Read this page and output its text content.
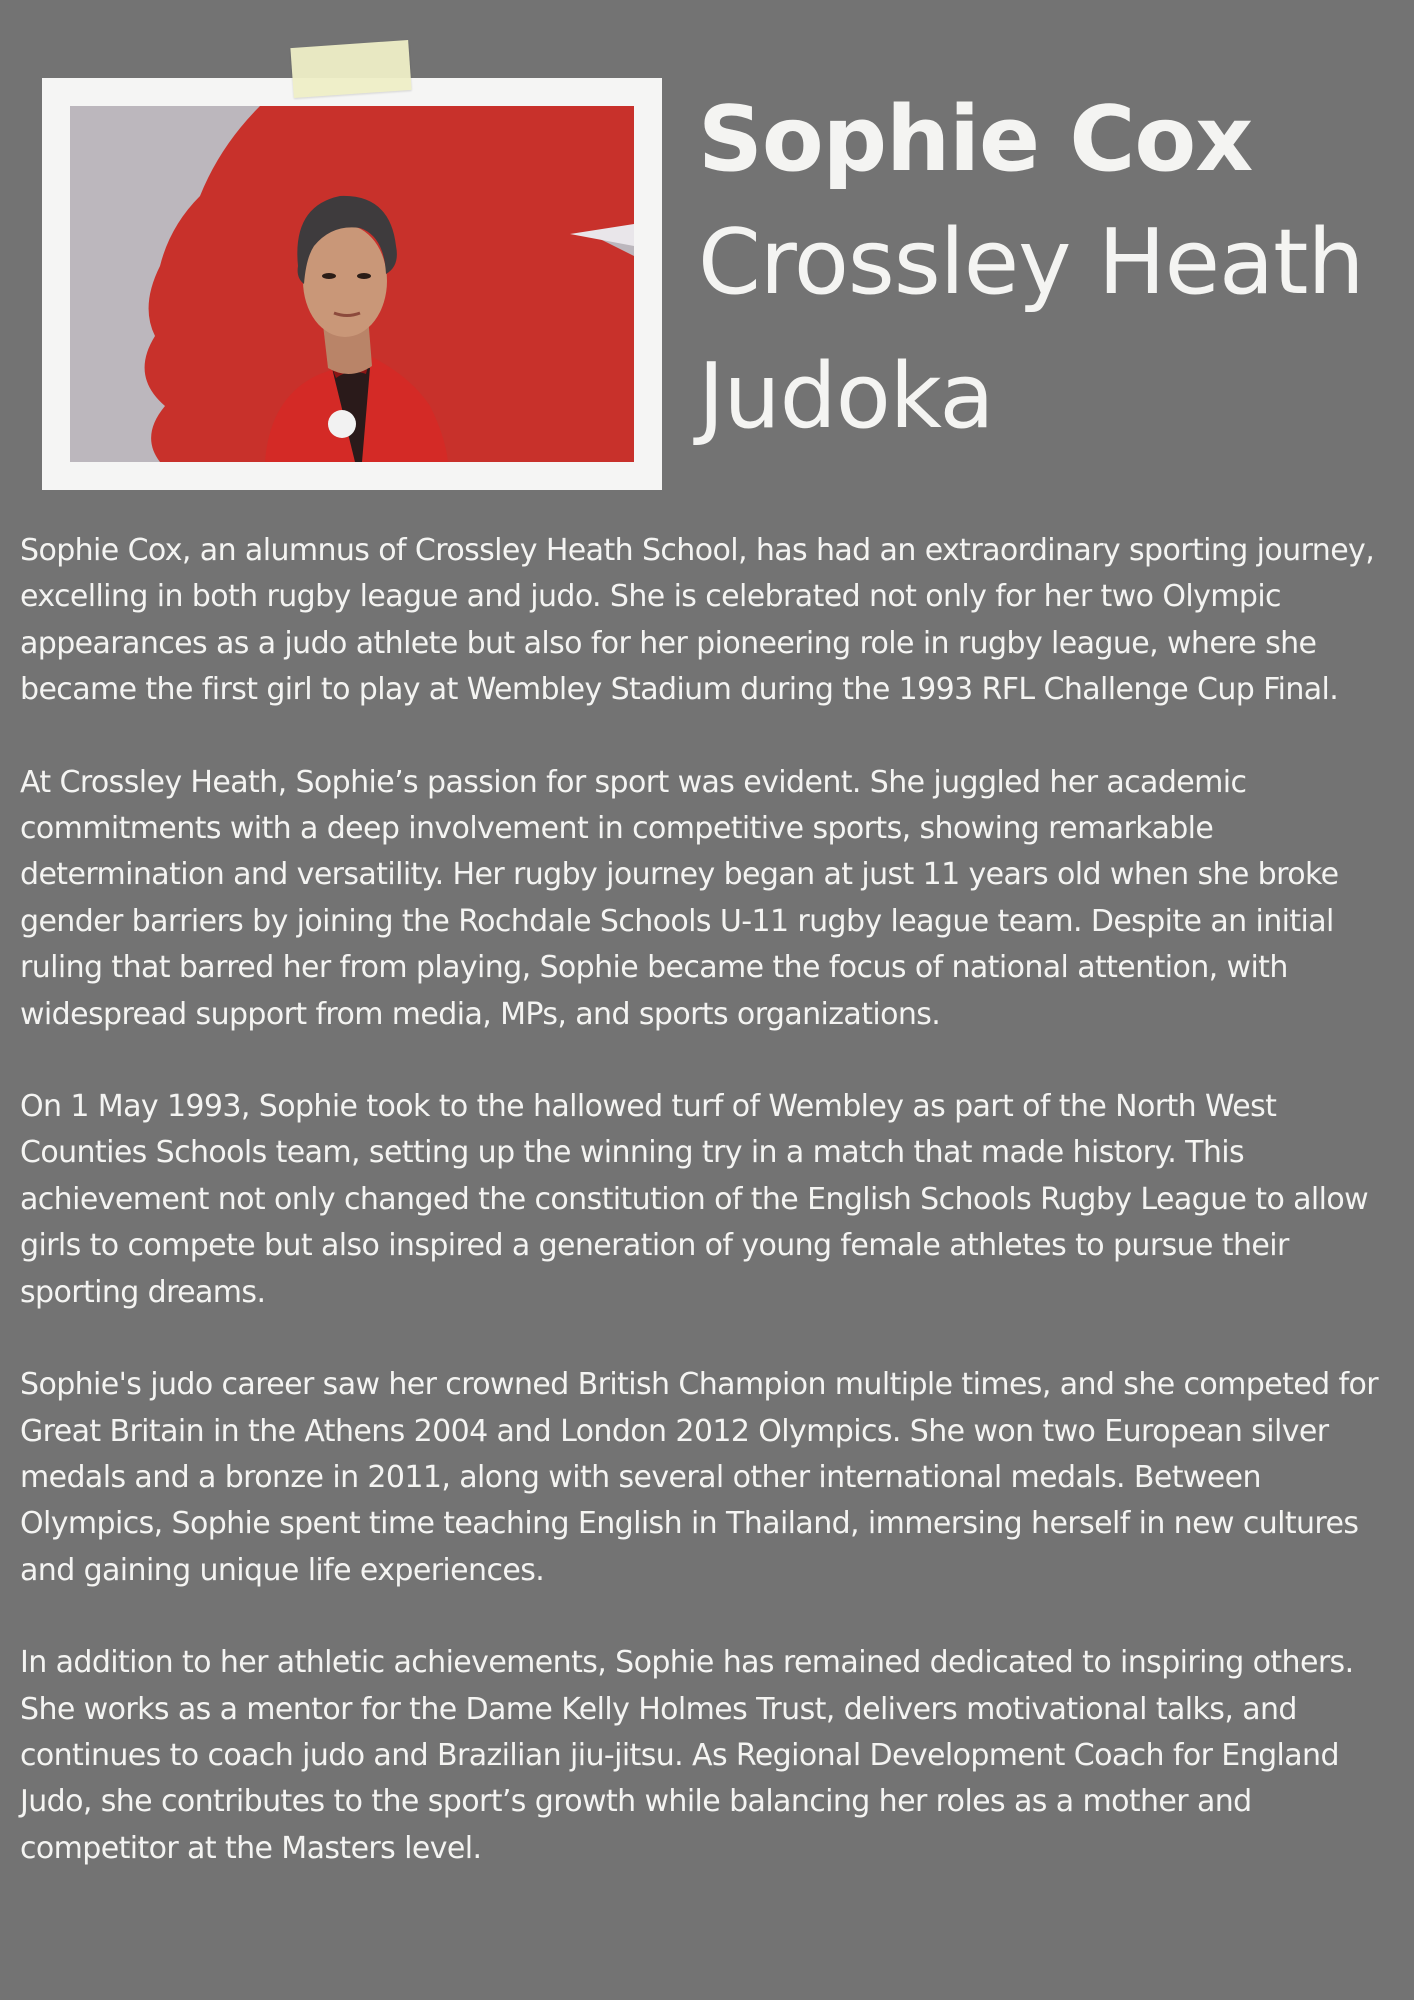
Sophie Cox

Crossley Heath

Judoka

Sophie Cox, an alumnus of Crossley Heath School, has had an extraordinary sporting journey, excelling in both rugby league and judo. She is celebrated not only for her two Olympic appearances as a judo athlete but also for her pioneering role in rugby league, where she became the first girl to play at Wembley Stadium during the 1993 RFL Challenge Cup Final.

At Crossley Heath, Sophie’s passion for sport was evident. She juggled her academic commitments with a deep involvement in competitive sports, showing remarkable determination and versatility. Her rugby journey began at just 11 years old when she broke gender barriers by joining the Rochdale Schools U-11 rugby league team. Despite an initial ruling that barred her from playing, Sophie became the focus of national attention, with widespread support from media, MPs, and sports organizations.

On 1 May 1993, Sophie took to the hallowed turf of Wembley as part of the North West Counties Schools team, setting up the winning try in a match that made history. This achievement not only changed the constitution of the English Schools Rugby League to allow girls to compete but also inspired a generation of young female athletes to pursue their sporting dreams.

Sophie's judo career saw her crowned British Champion multiple times, and she competed for Great Britain in the Athens 2004 and London 2012 Olympics. She won two European silver medals and a bronze in 2011, along with several other international medals. Between Olympics, Sophie spent time teaching English in Thailand, immersing herself in new cultures and gaining unique life experiences.

In addition to her athletic achievements, Sophie has remained dedicated to inspiring others. She works as a mentor for the Dame Kelly Holmes Trust, delivers motivational talks, and continues to coach judo and Brazilian jiu-jitsu. As Regional Development Coach for England Judo, she contributes to the sport’s growth while balancing her roles as a mother and competitor at the Masters level.
